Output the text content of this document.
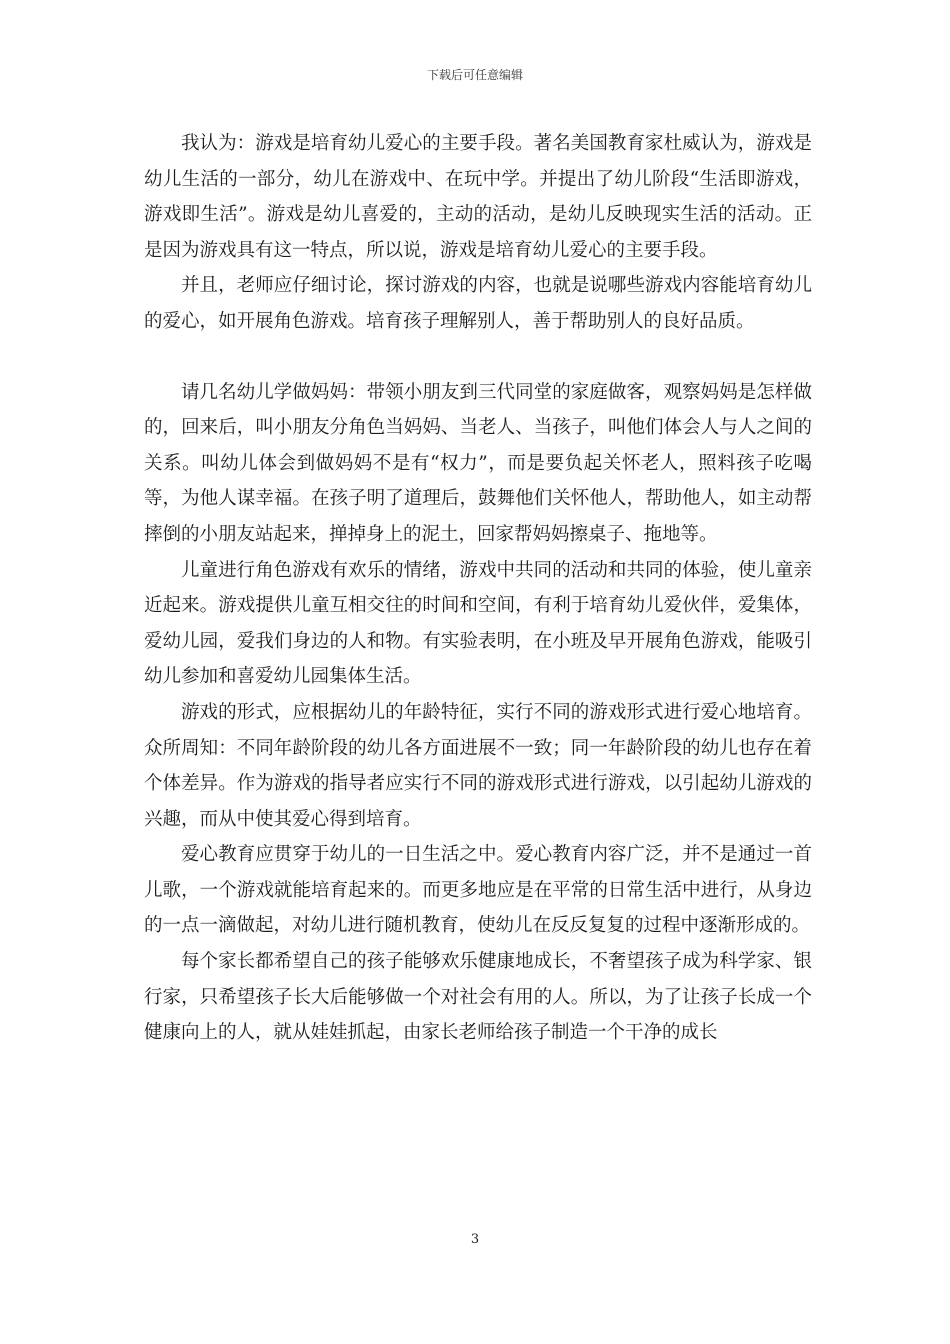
下载后可任意编辑

我认为：游戏是培育幼儿爱心的主要手段。著名美国教育家杜威认为，游戏是幼儿生活的一部分，幼儿在游戏中、在玩中学。并提出了幼儿阶段“生活即游戏，游戏即生活”。游戏是幼儿喜爱的，主动的活动，是幼儿反映现实生活的活动。正是因为游戏具有这一特点，所以说，游戏是培育幼儿爱心的主要手段。

并且，老师应仔细讨论，探讨游戏的内容，也就是说哪些游戏内容能培育幼儿的爱心，如开展角色游戏。培育孩子理解别人，善于帮助别人的良好品质。

请几名幼儿学做妈妈：带领小朋友到三代同堂的家庭做客，观察妈妈是怎样做的，回来后，叫小朋友分角色当妈妈、当老人、当孩子，叫他们体会人与人之间的关系。叫幼儿体会到做妈妈不是有“权力”，而是要负起关怀老人，照料孩子吃喝等，为他人谋幸福。在孩子明了道理后，鼓舞他们关怀他人，帮助他人，如主动帮摔倒的小朋友站起来，掸掉身上的泥土，回家帮妈妈擦桌子、拖地等。

儿童进行角色游戏有欢乐的情绪，游戏中共同的活动和共同的体验，使儿童亲近起来。游戏提供儿童互相交往的时间和空间，有利于培育幼儿爱伙伴，爱集体，爱幼儿园，爱我们身边的人和物。有实验表明，在小班及早开展角色游戏，能吸引幼儿参加和喜爱幼儿园集体生活。

游戏的形式，应根据幼儿的年龄特征，实行不同的游戏形式进行爱心地培育。众所周知：不同年龄阶段的幼儿各方面进展不一致；同一年龄阶段的幼儿也存在着个体差异。作为游戏的指导者应实行不同的游戏形式进行游戏，以引起幼儿游戏的兴趣，而从中使其爱心得到培育。

爱心教育应贯穿于幼儿的一日生活之中。爱心教育内容广泛，并不是通过一首儿歌，一个游戏就能培育起来的。而更多地应是在平常的日常生活中进行，从身边的一点一滴做起，对幼儿进行随机教育，使幼儿在反反复复的过程中逐渐形成的。

每个家长都希望自己的孩子能够欢乐健康地成长，不奢望孩子成为科学家、银行家，只希望孩子长大后能够做一个对社会有用的人。所以，为了让孩子长成一个健康向上的人，就从娃娃抓起，由家长老师给孩子制造一个干净的成长

3
